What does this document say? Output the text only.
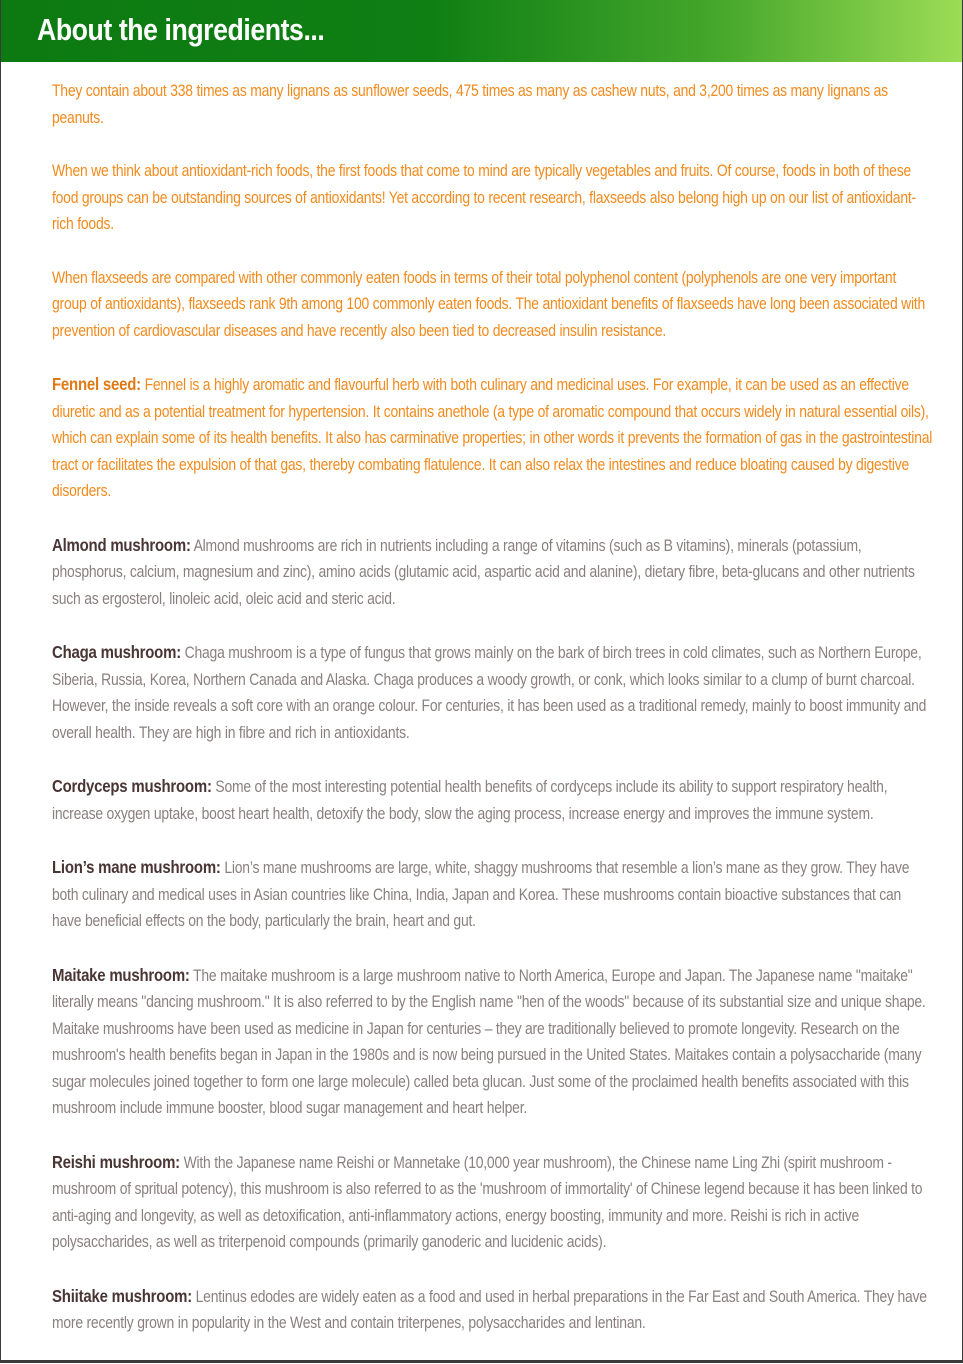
About the ingredients...

They contain about 338 times as many lignans as sunflower seeds, 475 times as many as cashew nuts, and 3,200 times as many lignans as peanuts.

When we think about antioxidant-rich foods, the first foods that come to mind are typically vegetables and fruits. Of course, foods in both of these food groups can be outstanding sources of antioxidants! Yet according to recent research, flaxseeds also belong high up on our list of antioxidant-rich foods.

When flaxseeds are compared with other commonly eaten foods in terms of their total polyphenol content (polyphenols are one very important group of antioxidants), flaxseeds rank 9th among 100 commonly eaten foods. The antioxidant benefits of flaxseeds have long been associated with prevention of cardiovascular diseases and have recently also been tied to decreased insulin resistance.

Fennel seed: Fennel is a highly aromatic and flavourful herb with both culinary and medicinal uses. For example, it can be used as an effective diuretic and as a potential treatment for hypertension. It contains anethole (a type of aromatic compound that occurs widely in natural essential oils), which can explain some of its health benefits. It also has carminative properties; in other words it prevents the formation of gas in the gastrointestinal tract or facilitates the expulsion of that gas, thereby combating flatulence. It can also relax the intestines and reduce bloating caused by digestive disorders.

Almond mushroom: Almond mushrooms are rich in nutrients including a range of vitamins (such as B vitamins), minerals (potassium, phosphorus, calcium, magnesium and zinc), amino acids (glutamic acid, aspartic acid and alanine), dietary fibre, beta-glucans and other nutrients such as ergosterol, linoleic acid, oleic acid and steric acid.

Chaga mushroom: Chaga mushroom is a type of fungus that grows mainly on the bark of birch trees in cold climates, such as Northern Europe, Siberia, Russia, Korea, Northern Canada and Alaska. Chaga produces a woody growth, or conk, which looks similar to a clump of burnt charcoal. However, the inside reveals a soft core with an orange colour. For centuries, it has been used as a traditional remedy, mainly to boost immunity and overall health. They are high in fibre and rich in antioxidants.

Cordyceps mushroom: Some of the most interesting potential health benefits of cordyceps include its ability to support respiratory health, increase oxygen uptake, boost heart health, detoxify the body, slow the aging process, increase energy and improves the immune system.

Lion’s mane mushroom: Lion’s mane mushrooms are large, white, shaggy mushrooms that resemble a lion’s mane as they grow. They have both culinary and medical uses in Asian countries like China, India, Japan and Korea. These mushrooms contain bioactive substances that can have beneficial effects on the body, particularly the brain, heart and gut.

Maitake mushroom: The maitake mushroom is a large mushroom native to North America, Europe and Japan. The Japanese name "maitake" literally means "dancing mushroom." It is also referred to by the English name "hen of the woods" because of its substantial size and unique shape. Maitake mushrooms have been used as medicine in Japan for centuries – they are traditionally believed to promote longevity. Research on the mushroom's health benefits began in Japan in the 1980s and is now being pursued in the United States. Maitakes contain a polysaccharide (many sugar molecules joined together to form one large molecule) called beta glucan. Just some of the proclaimed health benefits associated with this mushroom include immune booster, blood sugar management and heart helper.

Reishi mushroom: With the Japanese name Reishi or Mannetake (10,000 year mushroom), the Chinese name Ling Zhi (spirit mushroom - mushroom of spritual potency), this mushroom is also referred to as the 'mushroom of immortality' of Chinese legend because it has been linked to anti-aging and longevity, as well as detoxification, anti-inflammatory actions, energy boosting, immunity and more. Reishi is rich in active polysaccharides, as well as triterpenoid compounds (primarily ganoderic and lucidenic acids).

Shiitake mushroom: Lentinus edodes are widely eaten as a food and used in herbal preparations in the Far East and South America. They have more recently grown in popularity in the West and contain triterpenes, polysaccharides and lentinan.
